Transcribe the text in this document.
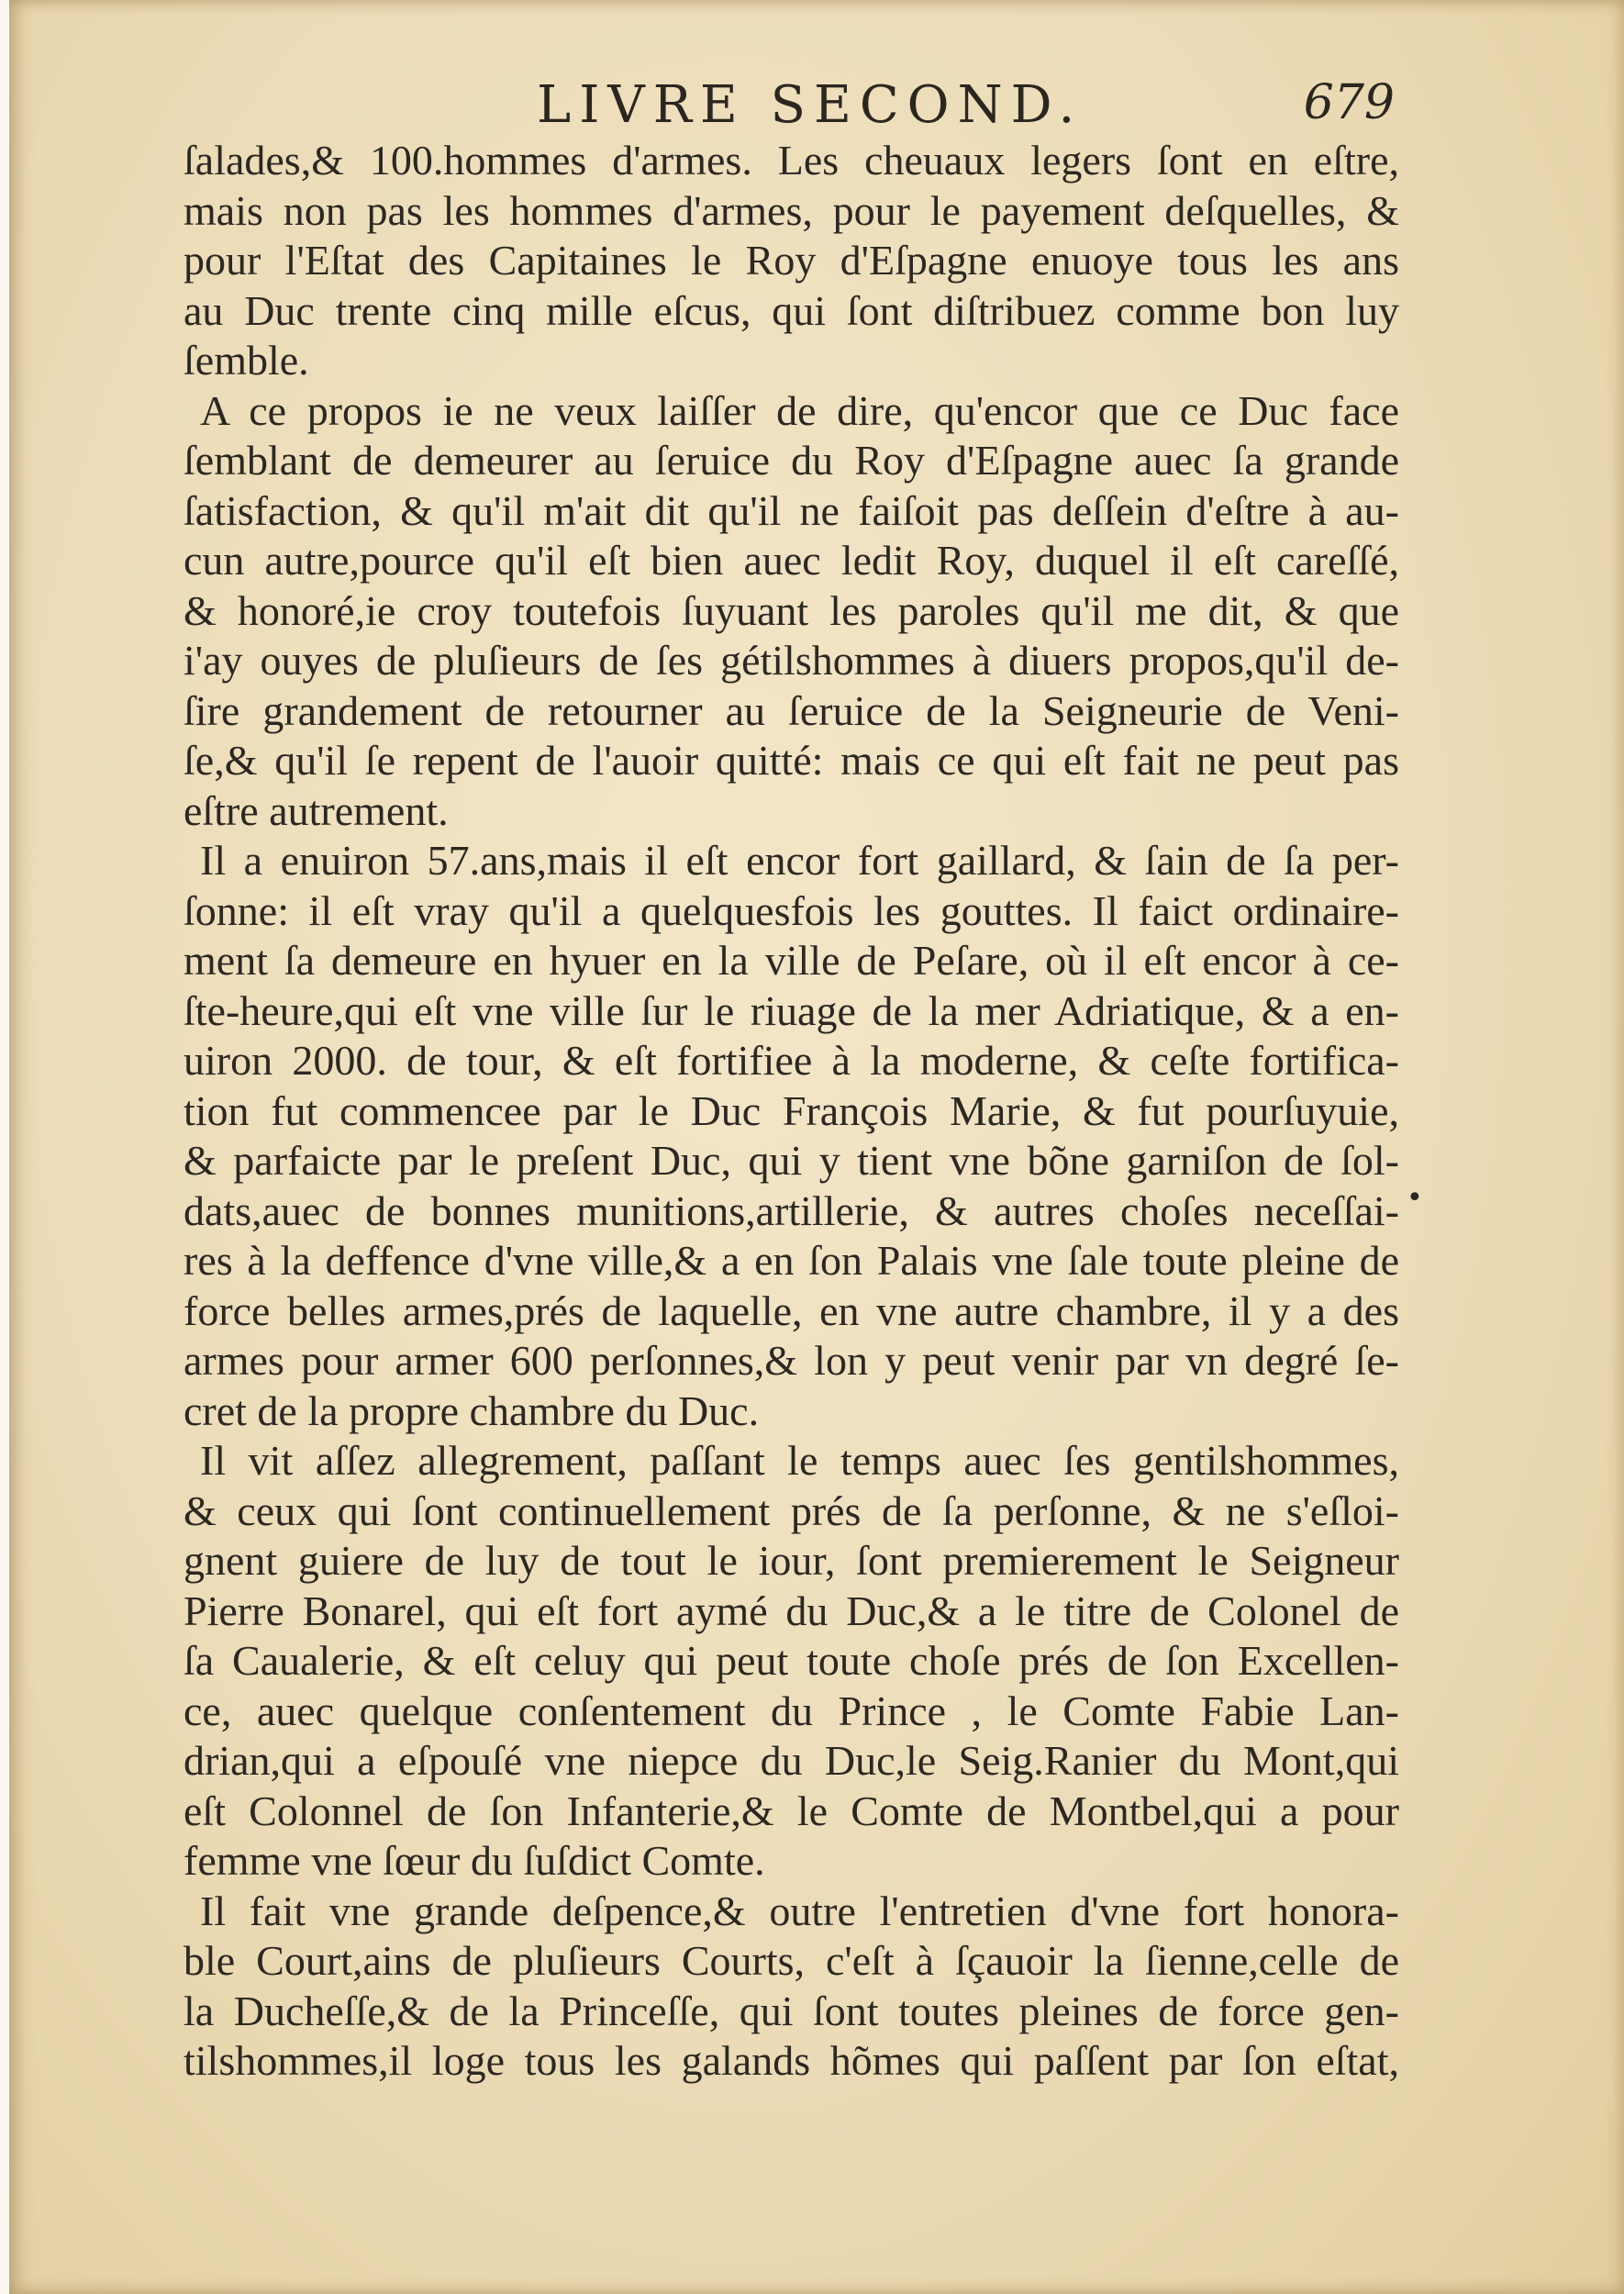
LIVRE SECOND.	679
ſalades,& 100.hommes d'armes. Les cheuaux legers ſont en eſtre,
mais non pas les hommes d'armes, pour le payement deſquelles, &
pour l'Eſtat des Capitaines le Roy d'Eſpagne enuoye tous les ans
au Duc trente cinq mille eſcus, qui ſont diſtribuez comme bon luy
ſemble.
A ce propos ie ne veux laiſſer de dire, qu'encor que ce Duc face
ſemblant de demeurer au ſeruice du Roy d'Eſpagne auec ſa grande
ſatisfaction, & qu'il m'ait dit qu'il ne faiſoit pas deſſein d'eſtre à au-
cun autre,pource qu'il eſt bien auec ledit Roy, duquel il eſt careſſé,
& honoré,ie croy toutefois ſuyuant les paroles qu'il me dit, & que
i'ay ouyes de pluſieurs de ſes gétilshommes à diuers propos,qu'il de-
ſire grandement de retourner au ſeruice de la Seigneurie de Veni-
ſe,& qu'il ſe repent de l'auoir quitté: mais ce qui eſt fait ne peut pas
eſtre autrement.
Il a enuiron 57.ans,mais il eſt encor fort gaillard, & ſain de ſa per-
ſonne: il eſt vray qu'il a quelquesfois les gouttes. Il faict ordinaire-
ment ſa demeure en hyuer en la ville de Peſare, où il eſt encor à ce-
ſte-heure,qui eſt vne ville ſur le riuage de la mer Adriatique, & a en-
uiron 2000. de tour, & eſt fortifiee à la moderne, & ceſte fortifica-
tion fut commencee par le Duc François Marie, & fut pourſuyuie,
& parfaicte par le preſent Duc, qui y tient vne bõne garniſon de ſol-
dats,auec de bonnes munitions,artillerie, & autres choſes neceſſai-
res à la deffence d'vne ville,& a en ſon Palais vne ſale toute pleine de
force belles armes,prés de laquelle, en vne autre chambre, il y a des
armes pour armer 600 perſonnes,& lon y peut venir par vn degré ſe-
cret de la propre chambre du Duc.
Il vit aſſez allegrement, paſſant le temps auec ſes gentilshommes,
& ceux qui ſont continuellement prés de ſa perſonne, & ne s'eſloi-
gnent guiere de luy de tout le iour, ſont premierement le Seigneur
Pierre Bonarel, qui eſt fort aymé du Duc,& a le titre de Colonel de
ſa Caualerie, & eſt celuy qui peut toute choſe prés de ſon Excellen-
ce, auec quelque conſentement du Prince , le Comte Fabie Lan-
drian,qui a eſpouſé vne niepce du Duc,le Seig.Ranier du Mont,qui
eſt Colonnel de ſon Infanterie,& le Comte de Montbel,qui a pour
femme vne ſœur du ſuſdict Comte.
Il fait vne grande deſpence,& outre l'entretien d'vne fort honora-
ble Court,ains de pluſieurs Courts, c'eſt à ſçauoir la ſienne,celle de
la Ducheſſe,& de la Princeſſe, qui ſont toutes pleines de force gen-
tilshommes,il loge tous les galands hõmes qui paſſent par ſon eſtat,
•
